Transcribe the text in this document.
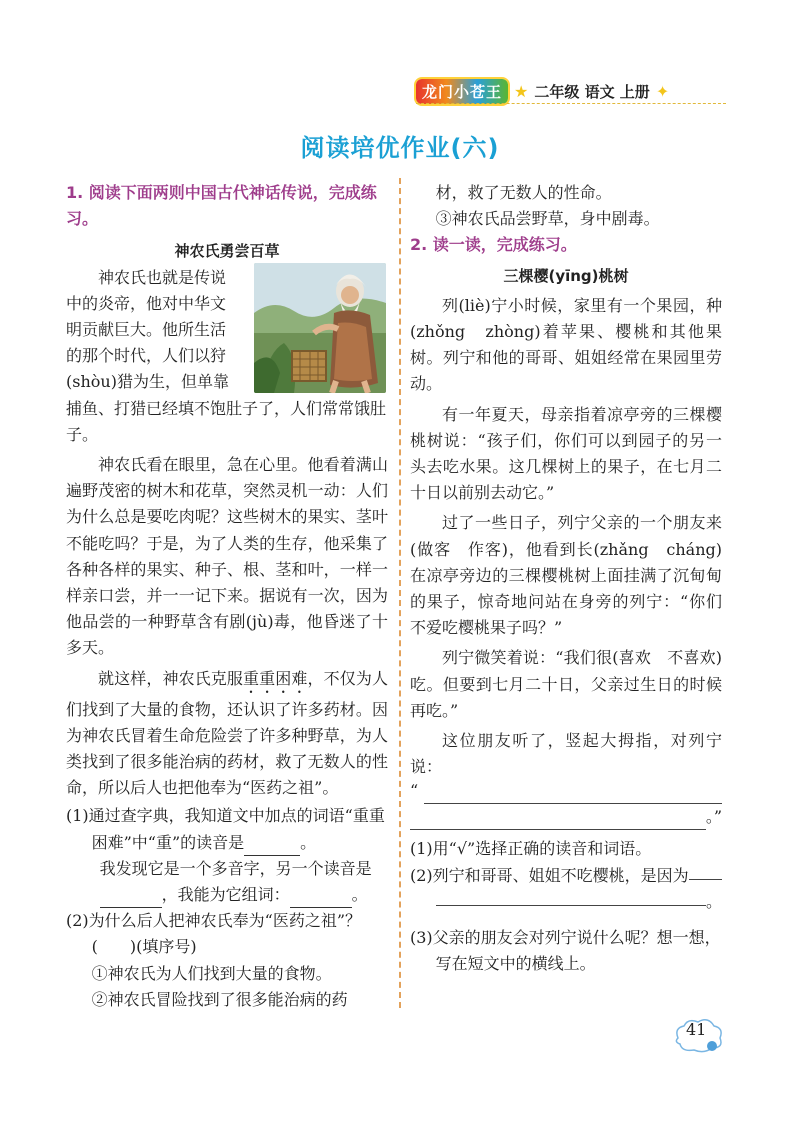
龙门小苍王 ★ 二年级 语文 上册 ✦
阅读培优作业(六)
1. 阅读下面两则中国古代神话传说，完成练习。
神农氏勇尝百草
神农氏也就是传说
中的炎帝，他对中华文
明贡献巨大。他所生活
的那个时代，人们以狩
(shòu)猎为生，但单靠

捕鱼、打猎已经填不饱肚子了，人们常常饿肚子。

神农氏看在眼里，急在心里。他看着满山遍野茂密的树木和花草，突然灵机一动：人们为什么总是要吃肉呢？这些树木的果实、茎叶不能吃吗？于是，为了人类的生存，他采集了各种各样的果实、种子、根、茎和叶，一样一样亲口尝，并一一记下来。据说有一次，因为他品尝的一种野草含有剧(jù)毒，他昏迷了十多天。

就这样，神农氏克服重重困难，不仅为人们找到了大量的食物，还认识了许多药材。因为神农氏冒着生命危险尝了许多种野草，为人类找到了很多能治病的药材，救了无数人的性命，所以后人也把他奉为“医药之祖”。

(1)通过查字典，我知道文中加点的词语“重重困难”中“重”的读音是	。

我发现它是一个多音字，另一个读音是

，我能为它组词：	。

(2)为什么后人把神农氏奉为“医药之祖”？

(　　)(填序号)

①神农氏为人们找到大量的食物。

②神农氏冒险找到了很多能治病的药

材，救了无数人的性命。

③神农氏品尝野草，身中剧毒。

2. 读一读，完成练习。
三棵樱(yīng)桃树

列(liè)宁小时候，家里有一个果园，种(zhǒng　zhòng)着苹果、樱桃和其他果树。列宁和他的哥哥、姐姐经常在果园里劳动。

有一年夏天，母亲指着凉亭旁的三棵樱桃树说：“孩子们，你们可以到园子的另一头去吃水果。这几棵树上的果子，在七月二十日以前别去动它。”

过了一些日子，列宁父亲的一个朋友来(做客　作客)，他看到长(zhǎng　cháng)在凉亭旁边的三棵樱桃树上面挂满了沉甸甸的果子，惊奇地问站在身旁的列宁：“你们不爱吃樱桃果子吗？”

列宁微笑着说：“我们很(喜欢　不喜欢)吃。但要到七月二十日，父亲过生日的时候再吃。”

这位朋友听了，竖起大拇指，对列宁说：

“
。”

(1)用“√”选择正确的读音和词语。

(2)列宁和哥哥、姐姐不吃樱桃，是因为

。

(3)父亲的朋友会对列宁说什么呢？想一想，写在短文中的横线上。

41
